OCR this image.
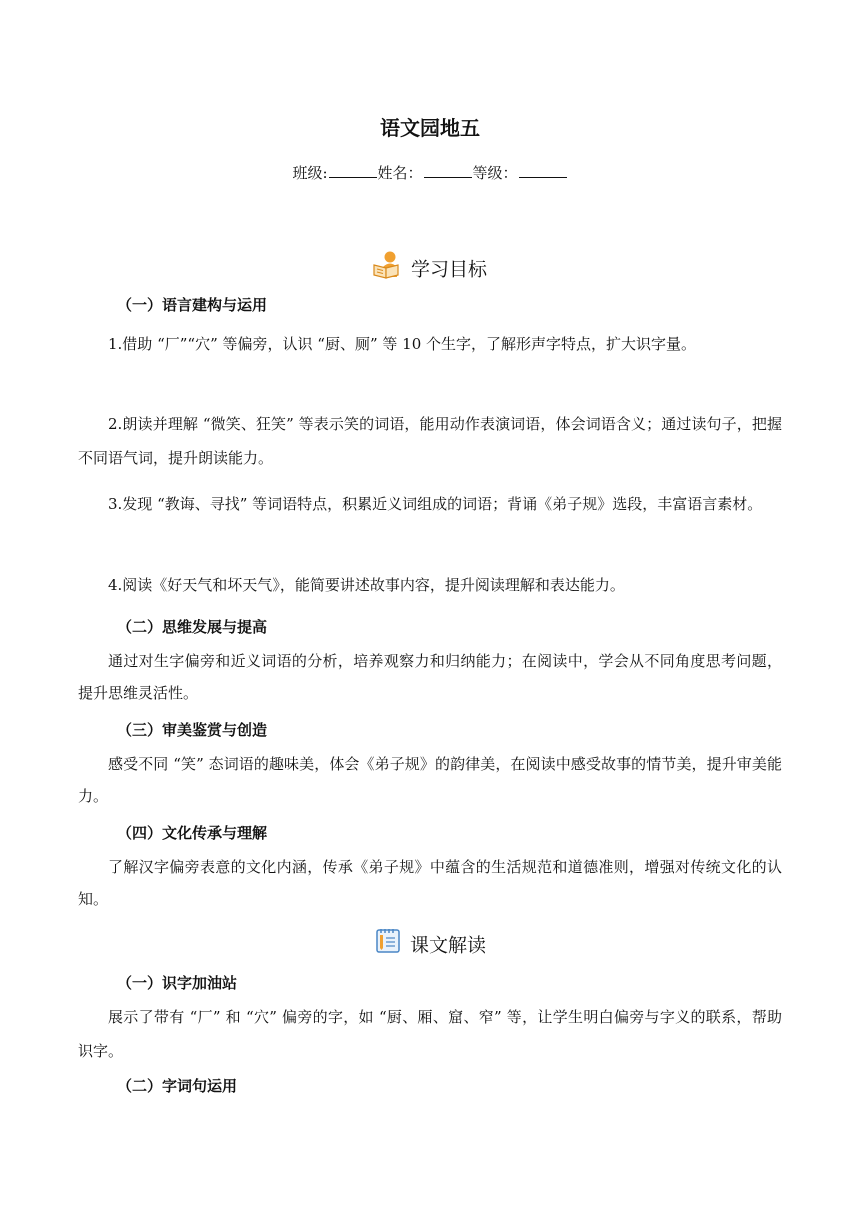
语文园地五
班级:	姓名：	等级：
学习目标
（一）语言建构与运用
1.借助 “厂”“穴” 等偏旁，认识 “厨、厕” 等 10 个生字，了解形声字特点，扩大识字量。
2.朗读并理解 “微笑、狂笑” 等表示笑的词语，能用动作表演词语，体会词语含义；通过读句子，把握不同语气词，提升朗读能力。
3.发现 “教诲、寻找” 等词语特点，积累近义词组成的词语；背诵《弟子规》选段，丰富语言素材。
4.阅读《好天气和坏天气》，能简要讲述故事内容，提升阅读理解和表达能力。
（二）思维发展与提高
通过对生字偏旁和近义词语的分析，培养观察力和归纳能力；在阅读中，学会从不同角度思考问题，提升思维灵活性。
（三）审美鉴赏与创造
感受不同 “笑” 态词语的趣味美，体会《弟子规》的韵律美，在阅读中感受故事的情节美，提升审美能力。
（四）文化传承与理解
了解汉字偏旁表意的文化内涵，传承《弟子规》中蕴含的生活规范和道德准则，增强对传统文化的认知。
课文解读
（一）识字加油站
展示了带有 “厂” 和 “穴” 偏旁的字，如 “厨、厢、窟、窄” 等，让学生明白偏旁与字义的联系，帮助识字。
（二）字词句运用
